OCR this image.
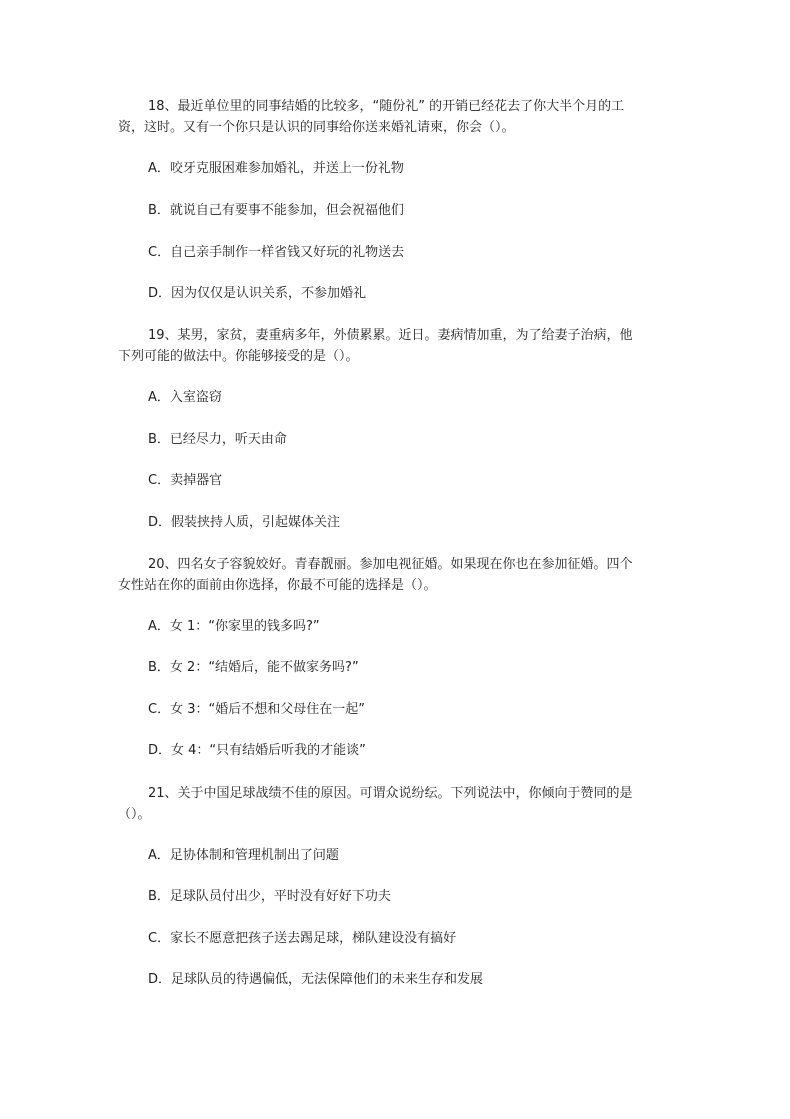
18、最近单位里的同事结婚的比较多，“随份礼” 的开销已经花去了你大半个月的工
资，这时。又有一个你只是认识的同事给你送来婚礼请柬，你会（）。
A．咬牙克服困难参加婚礼，并送上一份礼物
B．就说自己有要事不能参加，但会祝福他们
C．自己亲手制作一样省钱又好玩的礼物送去
D．因为仅仅是认识关系，不参加婚礼
19、某男，家贫，妻重病多年，外债累累。近日。妻病情加重，为了给妻子治病，他
下列可能的做法中。你能够接受的是（）。
A．入室盗窃
B．已经尽力，听天由命
C．卖掉器官
D．假装挟持人质，引起媒体关注
20、四名女子容貌姣好。青春靓丽。参加电视征婚。如果现在你也在参加征婚。四个
女性站在你的面前由你选择，你最不可能的选择是（）。
A．女 1：“你家里的钱多吗?”
B．女 2：“结婚后，能不做家务吗?”
C．女 3：“婚后不想和父母住在一起”
D．女 4：“只有结婚后听我的才能谈”
21、关于中国足球战绩不佳的原因。可谓众说纷纭。下列说法中，你倾向于赞同的是
（）。
A．足协体制和管理机制出了问题
B．足球队员付出少，平时没有好好下功夫
C．家长不愿意把孩子送去踢足球，梯队建设没有搞好
D．足球队员的待遇偏低，无法保障他们的未来生存和发展
